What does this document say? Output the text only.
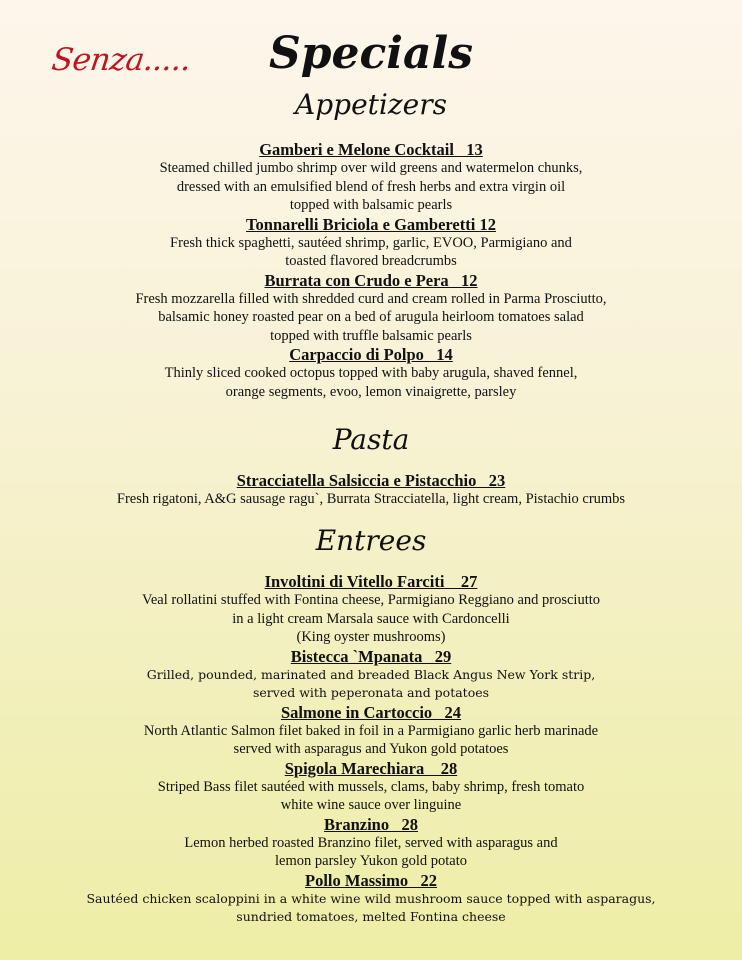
Senza.....	Specials
Appetizers
Gamberi e Melone Cocktail   13
Steamed chilled jumbo shrimp over wild greens and watermelon chunks,
dressed with an emulsified blend of fresh herbs and extra virgin oil
topped with balsamic pearls
Tonnarelli Briciola e Gamberetti 12
Fresh thick spaghetti, sautéed shrimp, garlic, EVOO, Parmigiano and
toasted flavored breadcrumbs
Burrata con Crudo e Pera   12
Fresh mozzarella filled with shredded curd and cream rolled in Parma Prosciutto,
balsamic honey roasted pear on a bed of arugula heirloom tomatoes salad
topped with truffle balsamic pearls
Carpaccio di Polpo   14
Thinly sliced cooked octopus topped with baby arugula, shaved fennel,
orange segments, evoo, lemon vinaigrette, parsley
Pasta
Stracciatella Salsiccia e Pistacchio   23
Fresh rigatoni, A&G sausage ragu`, Burrata Stracciatella, light cream, Pistachio crumbs
Entrees
Involtini di Vitello Farciti    27
Veal rollatini stuffed with Fontina cheese, Parmigiano Reggiano and prosciutto
in a light cream Marsala sauce with Cardoncelli
(King oyster mushrooms)
Bistecca `Mpanata   29
Grilled, pounded, marinated and breaded Black Angus New York strip,
served with peperonata and potatoes
Salmone in Cartoccio   24
North Atlantic Salmon filet baked in foil in a Parmigiano garlic herb marinade
served with asparagus and Yukon gold potatoes
Spigola Marechiara    28
Striped Bass filet sautéed with mussels, clams, baby shrimp, fresh tomato
white wine sauce over linguine
Branzino   28
Lemon herbed roasted Branzino filet, served with asparagus and
lemon parsley Yukon gold potato
Pollo Massimo   22
Sautéed chicken scaloppini in a white wine wild mushroom sauce topped with asparagus,
sundried tomatoes, melted Fontina cheese
